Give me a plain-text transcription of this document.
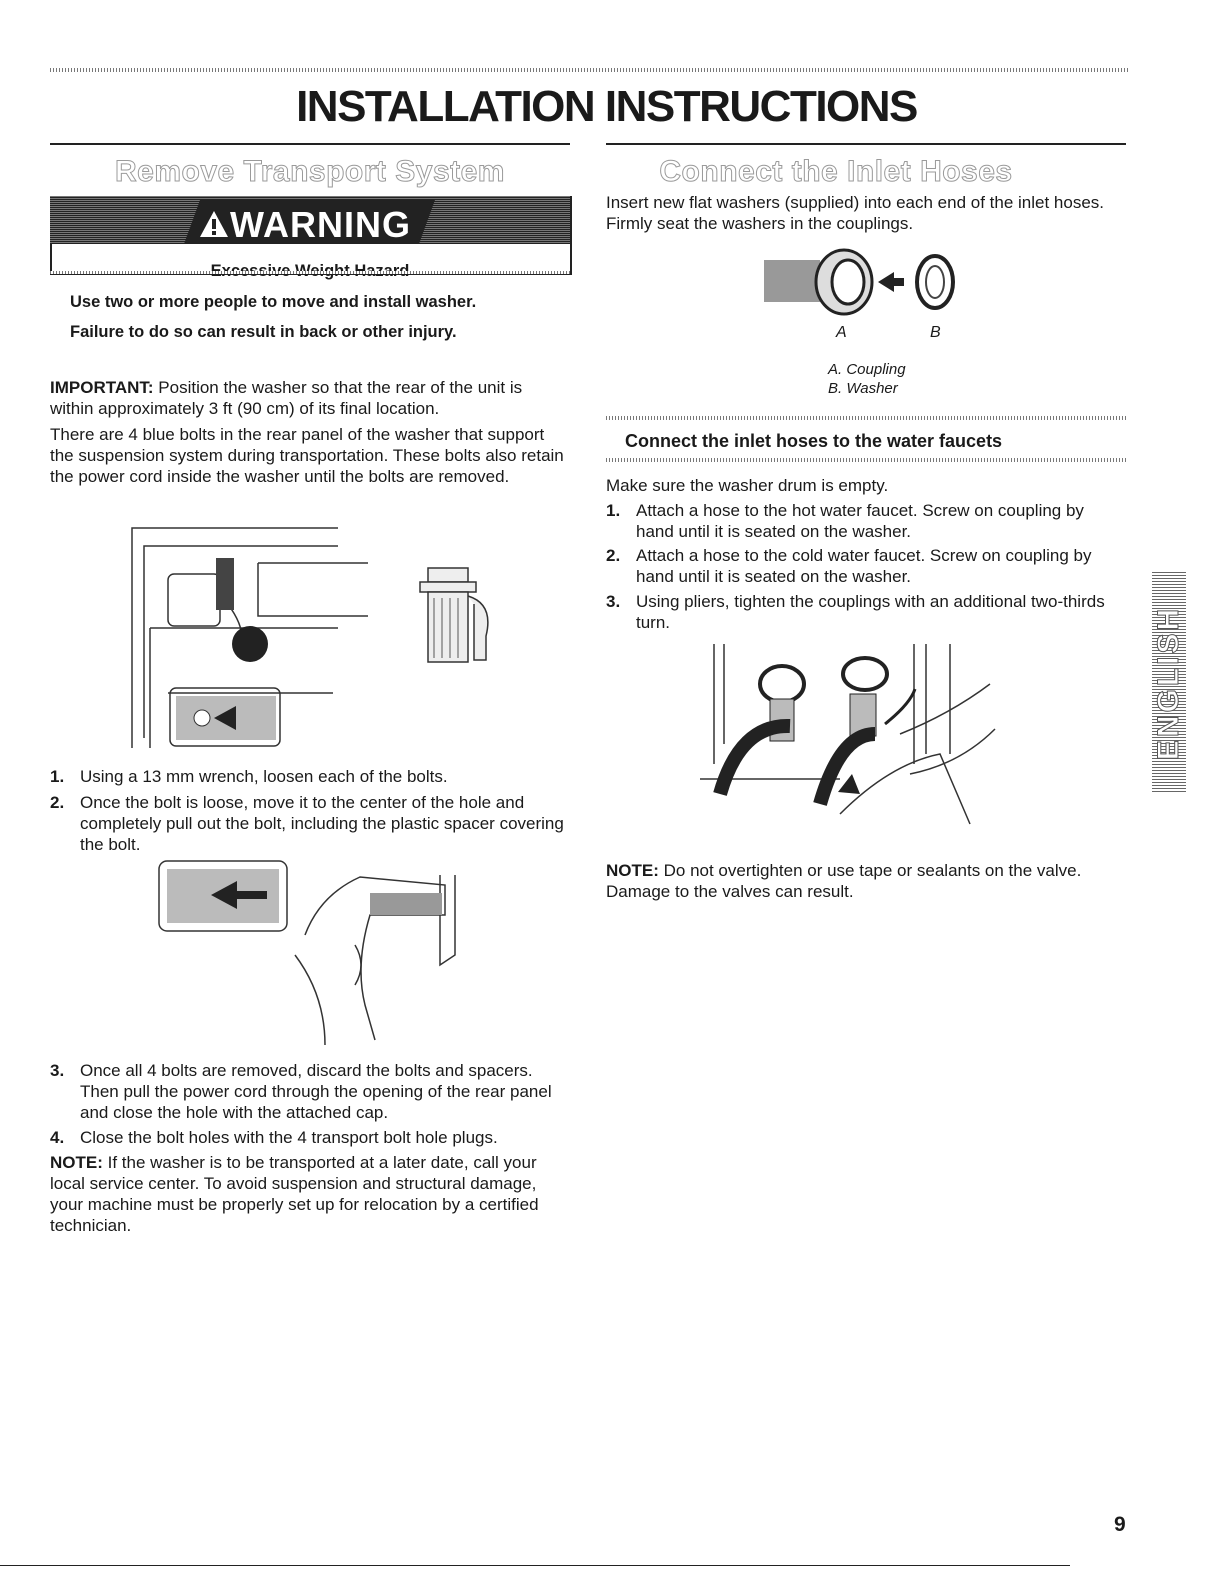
INSTALLATION INSTRUCTIONS
Remove Transport System
WARNING
Use two or more people to move and install washer.
Failure to do so can result in back or other injury.

IMPORTANT: Position the washer so that the rear of the unit is within approximately 3 ft (90 cm) of its final location.

There are 4 blue bolts in the rear panel of the washer that support the suspension system during transportation. These bolts also retain the power cord inside the washer until the bolts are removed.

1. Using a 13 mm wrench, loosen each of the bolts.
2. Once the bolt is loose, move it to the center of the hole and completely pull out the bolt, including the plastic spacer covering the bolt.
3. Once all 4 bolts are removed, discard the bolts and spacers. Then pull the power cord through the opening of the rear panel and close the hole with the attached cap.
4. Close the bolt holes with the 4 transport bolt hole plugs.

NOTE: If the washer is to be transported at a later date, call your local service center. To avoid suspension and structural damage, your machine must be properly set up for relocation by a certified technician.

Connect the Inlet Hoses

Insert new flat washers (supplied) into each end of the inlet hoses. Firmly seat the washers in the couplings.

A	B
A. Coupling
B. Washer
Connect the inlet hoses to the water faucets

Make sure the washer drum is empty.

1. Attach a hose to the hot water faucet. Screw on coupling by hand until it is seated on the washer.
2. Attach a hose to the cold water faucet. Screw on coupling by hand until it is seated on the washer.
3. Using pliers, tighten the couplings with an additional two-thirds turn.

NOTE: Do not overtighten or use tape or sealants on the valve. Damage to the valves can result.

ENGLISH
9
